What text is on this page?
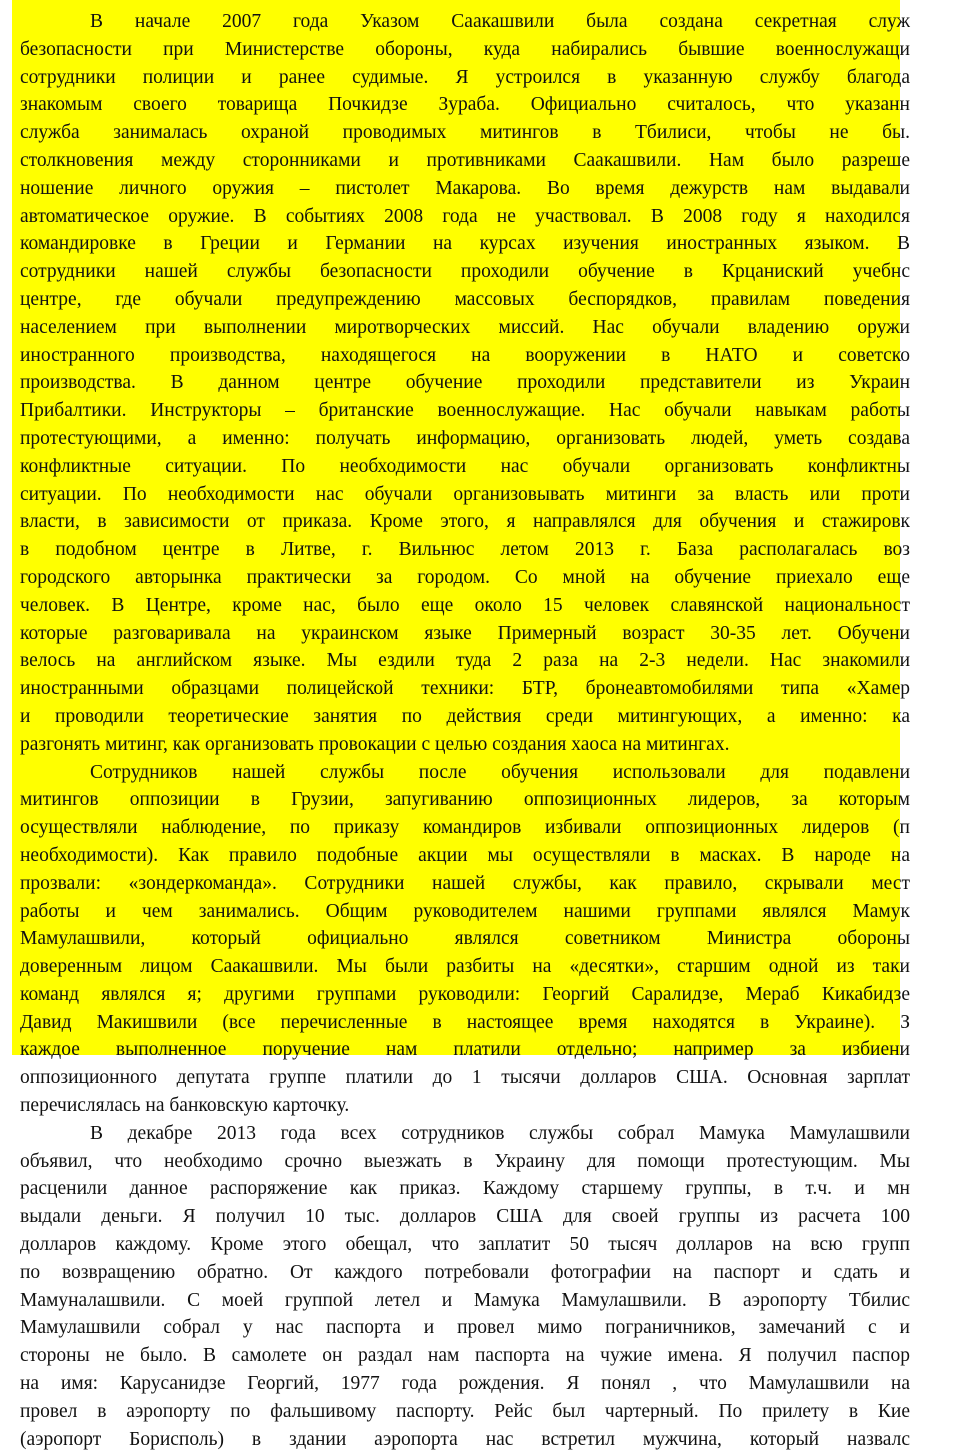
В начале 2007 года Указом Саакашвили была создана секретная служ
безопасности при Министерстве обороны, куда набирались бывшие военнослужащи
сотрудники полиции и ранее судимые. Я устроился в указанную службу благода
знакомым своего товарища Почкидзе Зураба. Официально считалось, что указанн
служба занималась охраной проводимых митингов в Тбилиси, чтобы не бы.
столкновения между сторонниками и противниками Саакашвили. Нам было разреше
ношение личного оружия – пистолет Макарова. Во время дежурств нам выдавали
автоматическое оружие. В событиях 2008 года не участвовал. В 2008 году я находился
командировке в Греции и Германии на курсах изучения иностранных языком. В
сотрудники нашей службы безопасности проходили обучение в Крцаниский учебнс
центре, где обучали предупреждению массовых беспорядков, правилам поведения
населением при выполнении миротворческих миссий. Нас обучали владению оружи
иностранного производства, находящегося на вооружении в НАТО и советско
производства. В данном центре обучение проходили представители из Украин
Прибалтики. Инструкторы – британские военнослужащие. Нас обучали навыкам работы
протестующими, а именно: получать информацию, организовать людей, уметь создава
конфликтные ситуации. По необходимости нас обучали организовать конфликтны
ситуации. По необходимости нас обучали организовывать митинги за власть или проти
власти, в зависимости от приказа. Кроме этого, я направлялся для обучения и стажировк
в подобном центре в Литве, г. Вильнюс летом 2013 г. База располагалась воз
городского авторынка практически за городом. Со мной на обучение приехало еще
человек. В Центре, кроме нас, было еще около 15 человек славянской национальност
которые разговаривала на украинском языке Примерный возраст 30-35 лет. Обучени
велось на английском языке. Мы ездили туда 2 раза на 2-3 недели. Нас знакомили
иностранными образцами полицейской техники: БТР, бронеавтомобилями типа «Хамер
и проводили теоретические занятия по действия среди митингующих, а именно: ка
разгонять митинг, как организовать провокации с целью создания хаоса на митингах.
Сотрудников нашей службы после обучения использовали для подавлени
митингов оппозиции в Грузии, запугиванию оппозиционных лидеров, за которым
осуществляли наблюдение, по приказу командиров избивали оппозиционных лидеров (п
необходимости). Как правило подобные акции мы осуществляли в масках. В народе на
прозвали: «зондеркоманда». Сотрудники нашей службы, как правило, скрывали мест
работы и чем занимались. Общим руководителем нашими группами являлся Мамук
Мамулашвили, который официально являлся советником Министра обороны
доверенным лицом Саакашвили. Мы были разбиты на «десятки», старшим одной из таки
команд являлся я; другими группами руководили: Георгий Саралидзе, Мераб Кикабидзе
Давид Макишвили (все перечисленные в настоящее время находятся в Украине). З
каждое выполненное поручение нам платили отдельно; например за избиени
оппозиционного депутата группе платили до 1 тысячи долларов США. Основная зарплат
перечислялась на банковскую карточку.
В декабре 2013 года всех сотрудников службы собрал Мамука Мамулашвили
объявил, что необходимо срочно выезжать в Украину для помощи протестующим. Мы
расценили данное распоряжение как приказ. Каждому старшему группы, в т.ч. и мн
выдали деньги. Я получил 10 тыс. долларов США для своей группы из расчета 100
долларов каждому. Кроме этого обещал, что заплатит 50 тысяч долларов на всю групп
по возвращению обратно. От каждого потребовали фотографии на паспорт и сдать и
Мамуналашвили. С моей группой летел и Мамука Мамулашвили. В аэропорту Тбилис
Мамулашвили собрал у нас паспорта и провел мимо пограничников, замечаний с и
стороны не было. В самолете он раздал нам паспорта на чужие имена. Я получил паспор
на имя: Карусанидзе Георгий, 1977 года рождения. Я понял , что Мамулашвили на
провел в аэропорту по фальшивому паспорту. Рейс был чартерный. По прилету в Кие
(аэропорт Борисполь) в здании аэропорта нас встретил мужчина, который назвалс
